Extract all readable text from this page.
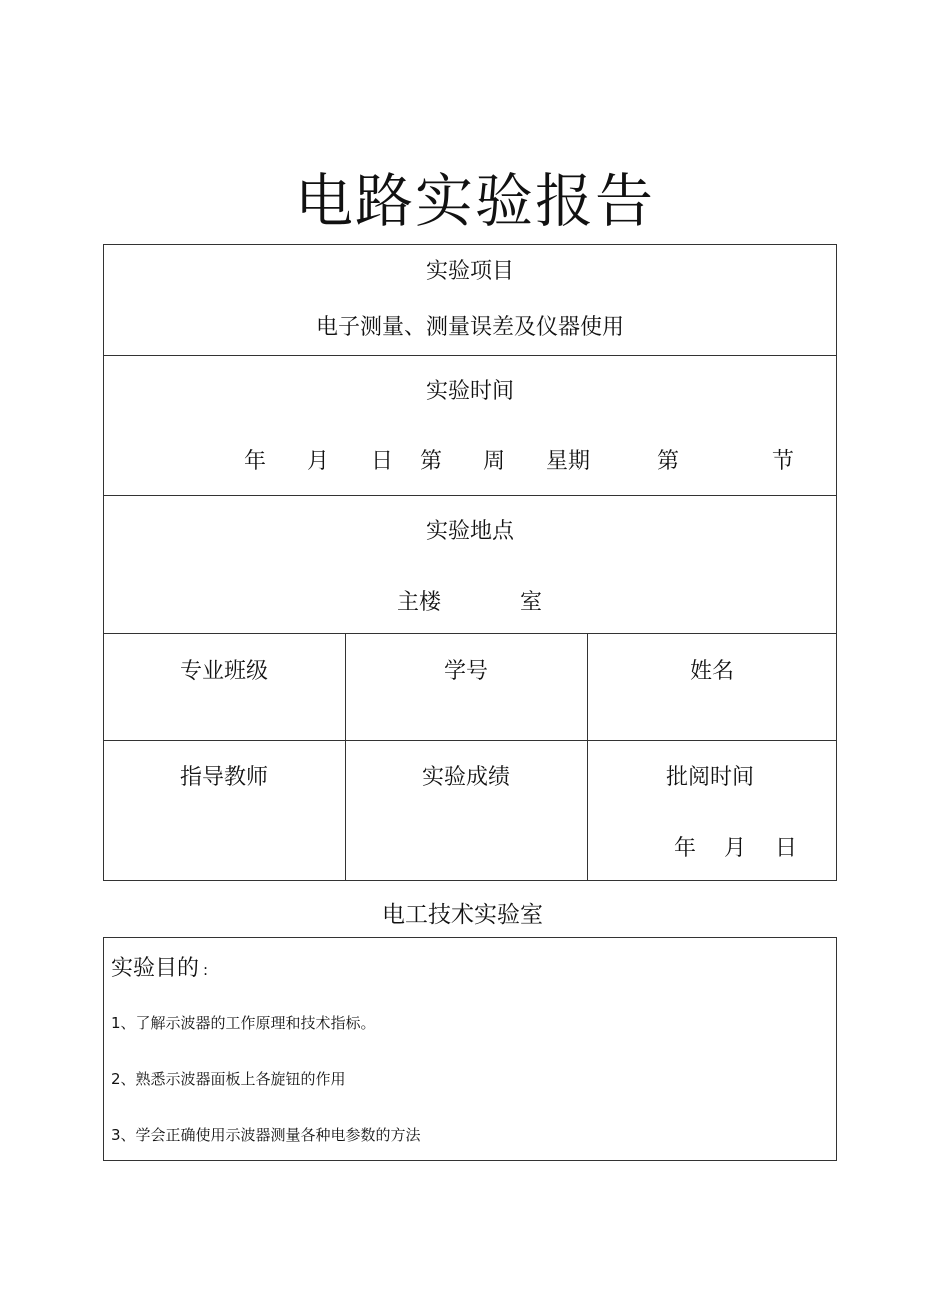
电路实验报告
实验项目
电子测量、测量误差及仪器使用
实验时间
年 月 日 第 周 星期	第	节
实验地点
主楼	室
专业班级	学号	姓名
指导教师	实验成绩	批阅时间
年 月 日
电工技术实验室
实验目的 :
1、了解示波器的工作原理和技术指标。
2、熟悉示波器面板上各旋钮的作用
3、学会正确使用示波器测量各种电参数的方法
